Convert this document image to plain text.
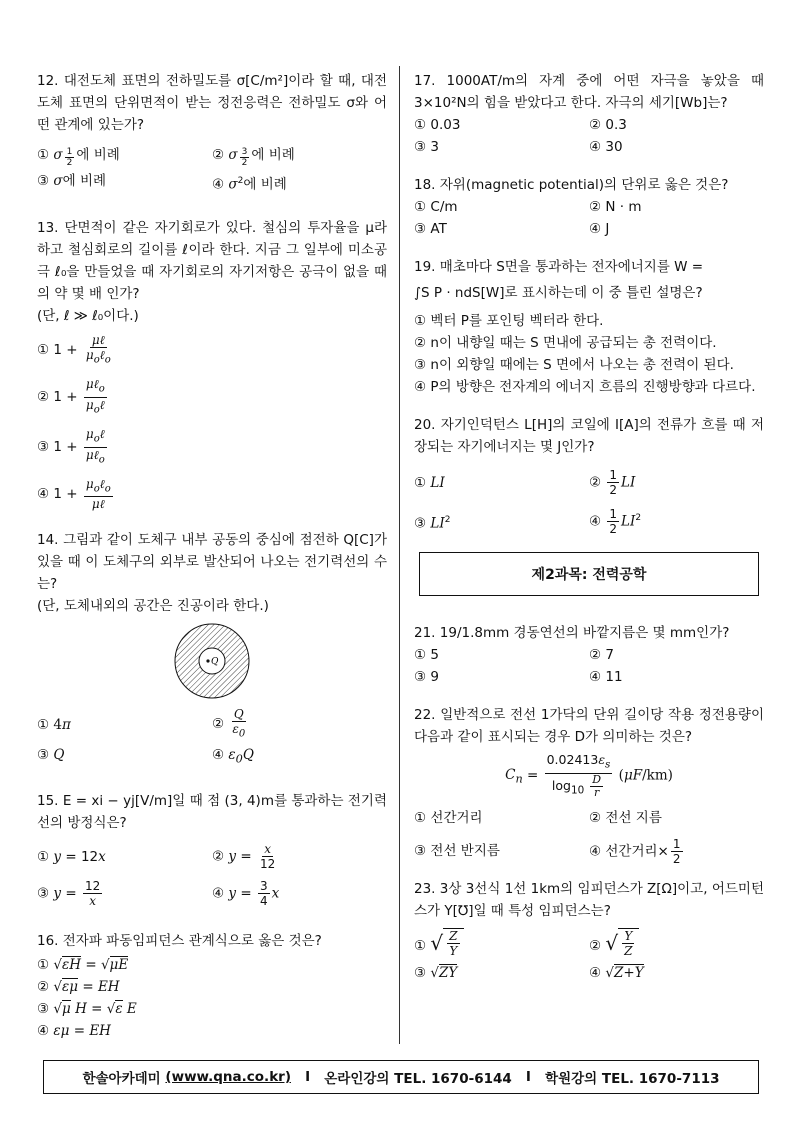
12. 대전도체 표면의 전하밀도를 σ[C/m²]이라 할 때, 대전도체 표면의 단위면적이 받는 정전응력은 전하밀도 σ와 어떤 관계에 있는가?

① σ $\frac{1}{2}$ 에 비례	② σ $\frac{3}{2}$ 에 비례
③ σ에 비례	④ $\sigma^2$에 비례

13. 단면적이 같은 자기회로가 있다. 철심의 투자율을 μ라 하고 철심회로의 길이를 ℓ이라 한다. 지금 그 일부에 미소공극 ℓ₀을 만들었을 때 자기회로의 자기저항은 공극이 없을 때의 약 몇 배 인가?

(단, ℓ ≫ ℓ₀이다.)

① $1 + \frac{\text{μℓ}}{\mu_o\ell_o}$
② $1 + \frac{\mu\ell_o}{\mu_o\ell}$
③ $1 + \frac{\mu_o\ell}{\mu\ell_o}$
④ $1 + \frac{\mu_o\ell_o}{\text{μℓ}}$

14. 그림과 같이 도체구 내부 공동의 중심에 점전하 Q[C]가 있을 때 이 도체구의 외부로 발산되어 나오는 전기력선의 수는?

(단, 도체내외의 공간은 진공이라 한다.)

Q
① 4π	② $\frac{Q}{\varepsilon_0}$
③ Q	④ $\varepsilon_0Q$

15. E = xi − yj[V/m]일 때 점 (3, 4)m를 통과하는 전기력선의 방정식은?

① y = 12x	② $y = \frac{x}{12}$
③ $y = \frac{12}{x}$	④ $y = \frac{3}{4}$ x

16. 전자파 파동임피던스 관계식으로 옳은 것은?

① √εH = √μE
② √εμ = EH
③ √μ H = √ε E
④ εμ = EH

17. 1000AT/m의 자계 중에 어떤 자극을 놓았을 때 3×10²N의 힘을 받았다고 한다. 자극의 세기[Wb]는?

① 0.03	② 0.3
③ 3	④ 30

18. 자위(magnetic potential)의 단위로 옳은 것은?

① C/m	② N · m
③ AT	④ J

19. 매초마다 S면을 통과하는 전자에너지를 W =

∫S P · ndS[W]로 표시하는데 이 중 틀린 설명은?

① 벡터 P를 포인팅 벡터라 한다.
② n이 내향일 때는 S 면내에 공급되는 총 전력이다.
③ n이 외향일 때에는 S 면에서 나오는 총 전력이 된다.
④ P의 방향은 전자계의 에너지 흐름의 진행방향과 다르다.

20. 자기인덕턴스 L[H]의 코일에 I[A]의 전류가 흐를 때 저장되는 자기에너지는 몇 J인가?

① LI	② $\frac{1}{2}$ LI
③ $LI^2$	④ $\frac{1}{2} LI^2$
제2과목: 전력공학

21. 19/1.8mm 경동연선의 바깥지름은 몇 mm인가?

① 5	② 7
③ 9	④ 11

22. 일반적으로 전선 1가닥의 단위 길이당 작용 정전용량이 다음과 같이 표시되는 경우 D가 의미하는 것은?

$C_n = \frac{0.02413\varepsilon_s}{\log_{10} \frac{D}{r}} (\mu F/km)$
① 선간거리	② 전선 지름
③ 전선 반지름	④ 선간거리× $\frac{1}{2}$

23. 3상 3선식 1선 1km의 임피던스가 Z[Ω]이고, 어드미턴스가 Y[℧]일 때 특성 임피던스는?

① √ $\frac{Z}{Y}$	② √ $\frac{Y}{Z}$
③ √ZY	④ √Z+Y
한솔아카데미
(www.qna.co.kr)
I
온라인강의 TEL. 1670-6144
I
학원강의 TEL. 1670-7113
